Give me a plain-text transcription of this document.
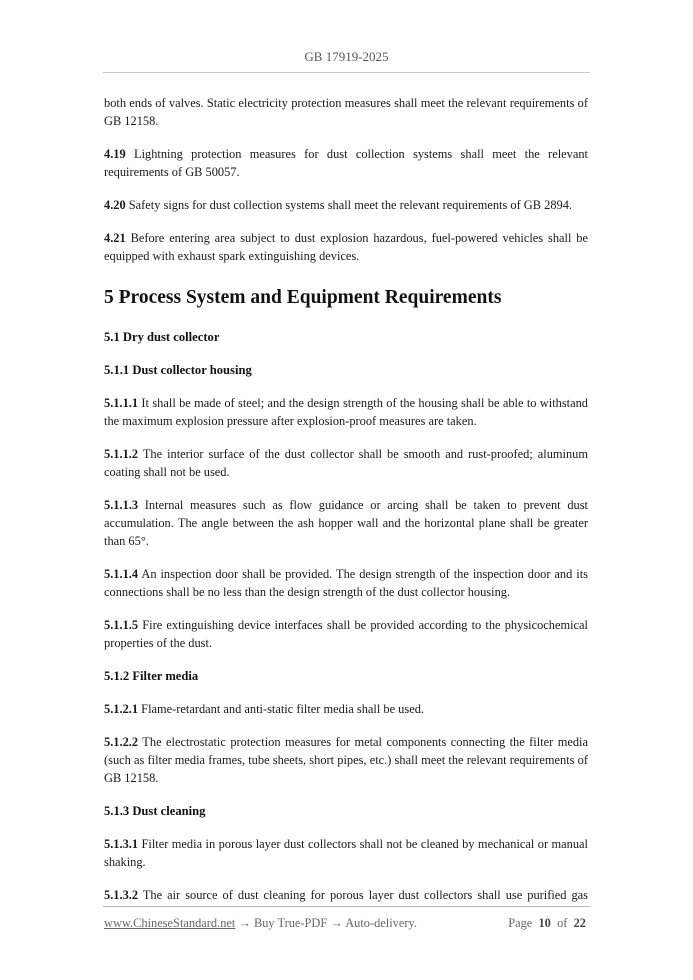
GB 17919-2025

both ends of valves. Static electricity protection measures shall meet the relevant requirements of GB 12158.

4.19 Lightning protection measures for dust collection systems shall meet the relevant requirements of GB 50057.

4.20 Safety signs for dust collection systems shall meet the relevant requirements of GB 2894.

4.21 Before entering area subject to dust explosion hazardous, fuel-powered vehicles shall be equipped with exhaust spark extinguishing devices.

5 Process System and Equipment Requirements
5.1 Dry dust collector
5.1.1 Dust collector housing

5.1.1.1 It shall be made of steel; and the design strength of the housing shall be able to withstand the maximum explosion pressure after explosion-proof measures are taken.

5.1.1.2 The interior surface of the dust collector shall be smooth and rust-proofed; aluminum coating shall not be used.

5.1.1.3 Internal measures such as flow guidance or arcing shall be taken to prevent dust accumulation. The angle between the ash hopper wall and the horizontal plane shall be greater than 65°.

5.1.1.4 An inspection door shall be provided. The design strength of the inspection door and its connections shall be no less than the design strength of the dust collector housing.

5.1.1.5 Fire extinguishing device interfaces shall be provided according to the physicochemical properties of the dust.

5.1.2 Filter media

5.1.2.1 Flame-retardant and anti-static filter media shall be used.

5.1.2.2 The electrostatic protection measures for metal components connecting the filter media (such as filter media frames, tube sheets, short pipes, etc.) shall meet the relevant requirements of GB 12158.

5.1.3 Dust cleaning

5.1.3.1 Filter media in porous layer dust collectors shall not be cleaned by mechanical or manual shaking.

5.1.3.2 The air source of dust cleaning for porous layer dust collectors shall use purified gas

www.ChineseStandard.net → Buy True-PDF → Auto-delivery.	Page 10 of 22
